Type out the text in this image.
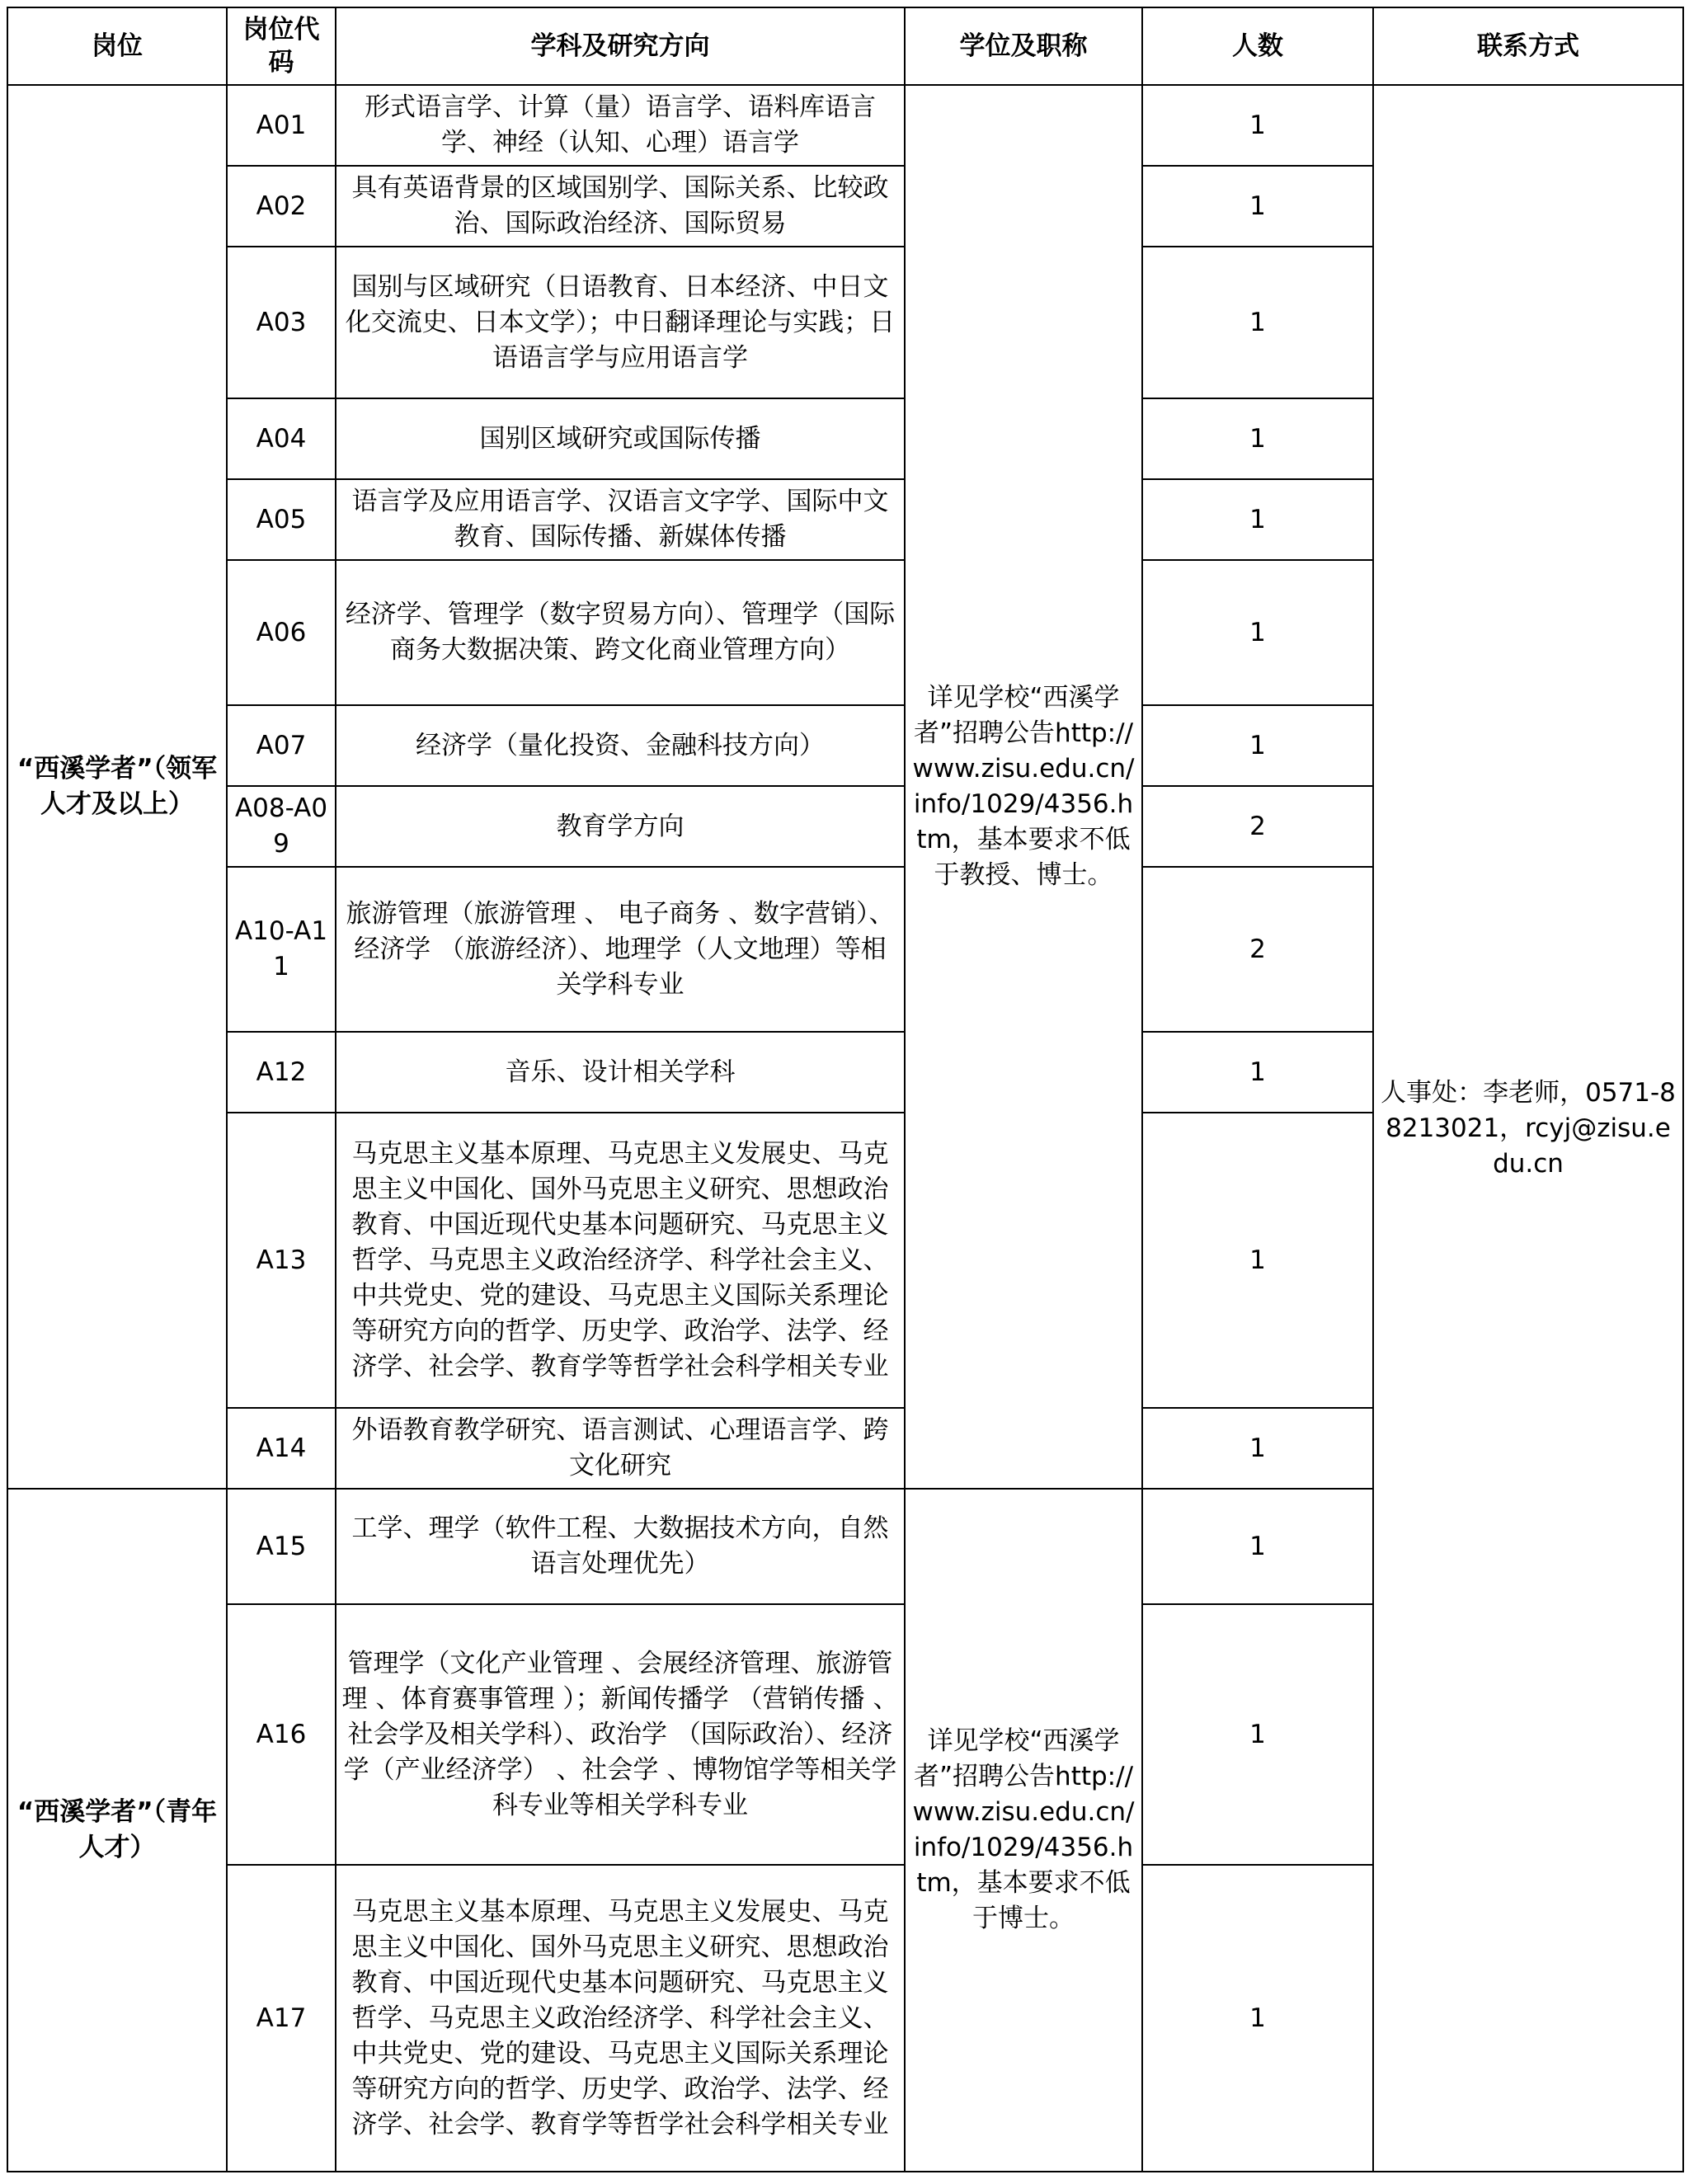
岗位	岗位代码	学科及研究方向	学位及职称	人数	联系方式
“西溪学者”（领军人才及以上）	A01	形式语言学、计算（量）语言学、语料库语言学、神经（认知、心理）语言学	详见学校“西溪学者”招聘公告http://www.zisu.edu.cn/info/1029/4356.htm，基本要求不低于教授、博士。	1	人事处：李老师，0571-88213021，rcyj@zisu.edu.cn
	A02	具有英语背景的区域国别学、国际关系、比较政治、国际政治经济、国际贸易		1	
	A03	国别与区域研究（日语教育、日本经济、中日文化交流史、日本文学）；中日翻译理论与实践；日语语言学与应用语言学		1	
	A04	国别区域研究或国际传播		1	
	A05	语言学及应用语言学、汉语言文字学、国际中文教育、国际传播、新媒体传播		1	
	A06	经济学、管理学（数字贸易方向）、管理学（国际商务大数据决策、跨文化商业管理方向）		1	
	A07	经济学（量化投资、金融科技方向）		1	
	A08-A09	教育学方向		2	
	A10-A11	旅游管理（旅游管理 、 电子商务 、数字营销）、经济学 （旅游经济）、地理学（人文地理）等相关学科专业		2	
	A12	音乐、设计相关学科		1	
	A13	马克思主义基本原理、马克思主义发展史、马克思主义中国化、国外马克思主义研究、思想政治教育、中国近现代史基本问题研究、马克思主义哲学、马克思主义政治经济学、科学社会主义、中共党史、党的建设、马克思主义国际关系理论等研究方向的哲学、历史学、政治学、法学、经济学、社会学、教育学等哲学社会科学相关专业		1	
	A14	外语教育教学研究、语言测试、心理语言学、跨文化研究		1	
“西溪学者”（青年人才）	A15	工学、理学（软件工程、大数据技术方向，自然语言处理优先）	详见学校“西溪学者”招聘公告http://www.zisu.edu.cn/info/1029/4356.htm，基本要求不低于博士。	1	
	A16	管理学（文化产业管理 、会展经济管理、旅游管理 、体育赛事管理 ）；新闻传播学 （营销传播 、社会学及相关学科）、政治学 （国际政治）、经济学（产业经济学） 、社会学 、博物馆学等相关学科专业等相关学科专业		1	
	A17	马克思主义基本原理、马克思主义发展史、马克思主义中国化、国外马克思主义研究、思想政治教育、中国近现代史基本问题研究、马克思主义哲学、马克思主义政治经济学、科学社会主义、中共党史、党的建设、马克思主义国际关系理论等研究方向的哲学、历史学、政治学、法学、经济学、社会学、教育学等哲学社会科学相关专业		1	
